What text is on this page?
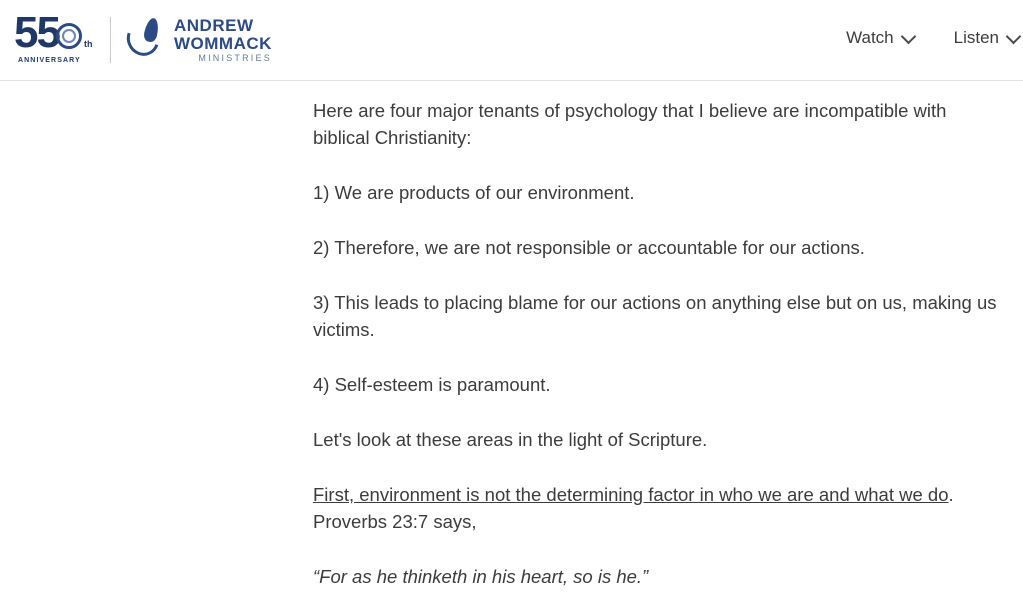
55	th
ANNIVERSARY
ANDREW
WOMMACK
MINISTRIES
Watch	Listen

Here are four major tenants of psychology that I believe are incompatible with biblical Christianity:

1) We are products of our environment.

2) Therefore, we are not responsible or accountable for our actions.

3) This leads to placing blame for our actions on anything else but on us, making us victims.

4) Self-esteem is paramount.

Let's look at these areas in the light of Scripture.

First, environment is not the determining factor in who we are and what we do.
Proverbs 23:7 says,

“For as he thinketh in his heart, so is he.”
